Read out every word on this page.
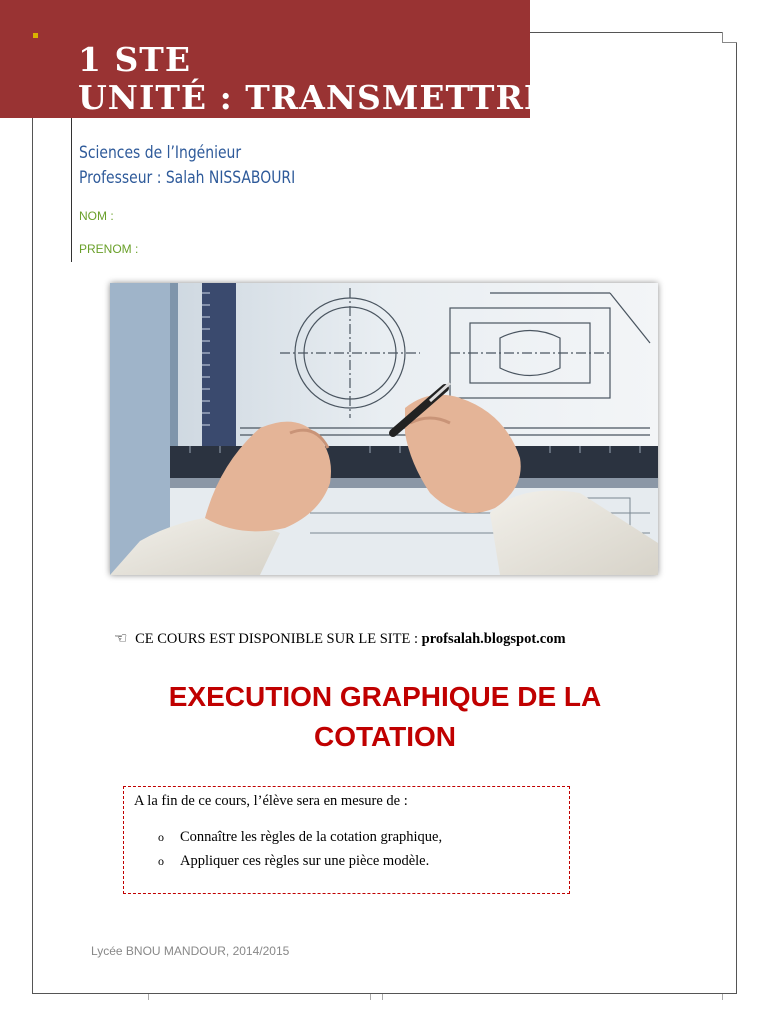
1 STE
UNITÉ : TRANSMETTRE
Sciences de l’Ingénieur
Professeur : Salah NISSABOURI
NOM :
PRENOM :
☜ CE COURS EST DISPONIBLE SUR LE SITE : profsalah.blogspot.com
EXECUTION GRAPHIQUE DE LA
COTATION
A la fin de ce cours, l’élève sera en mesure de :
o Connaître les règles de la cotation graphique,
o Appliquer ces règles sur une pièce modèle.
Lycée BNOU MANDOUR, 2014/2015
